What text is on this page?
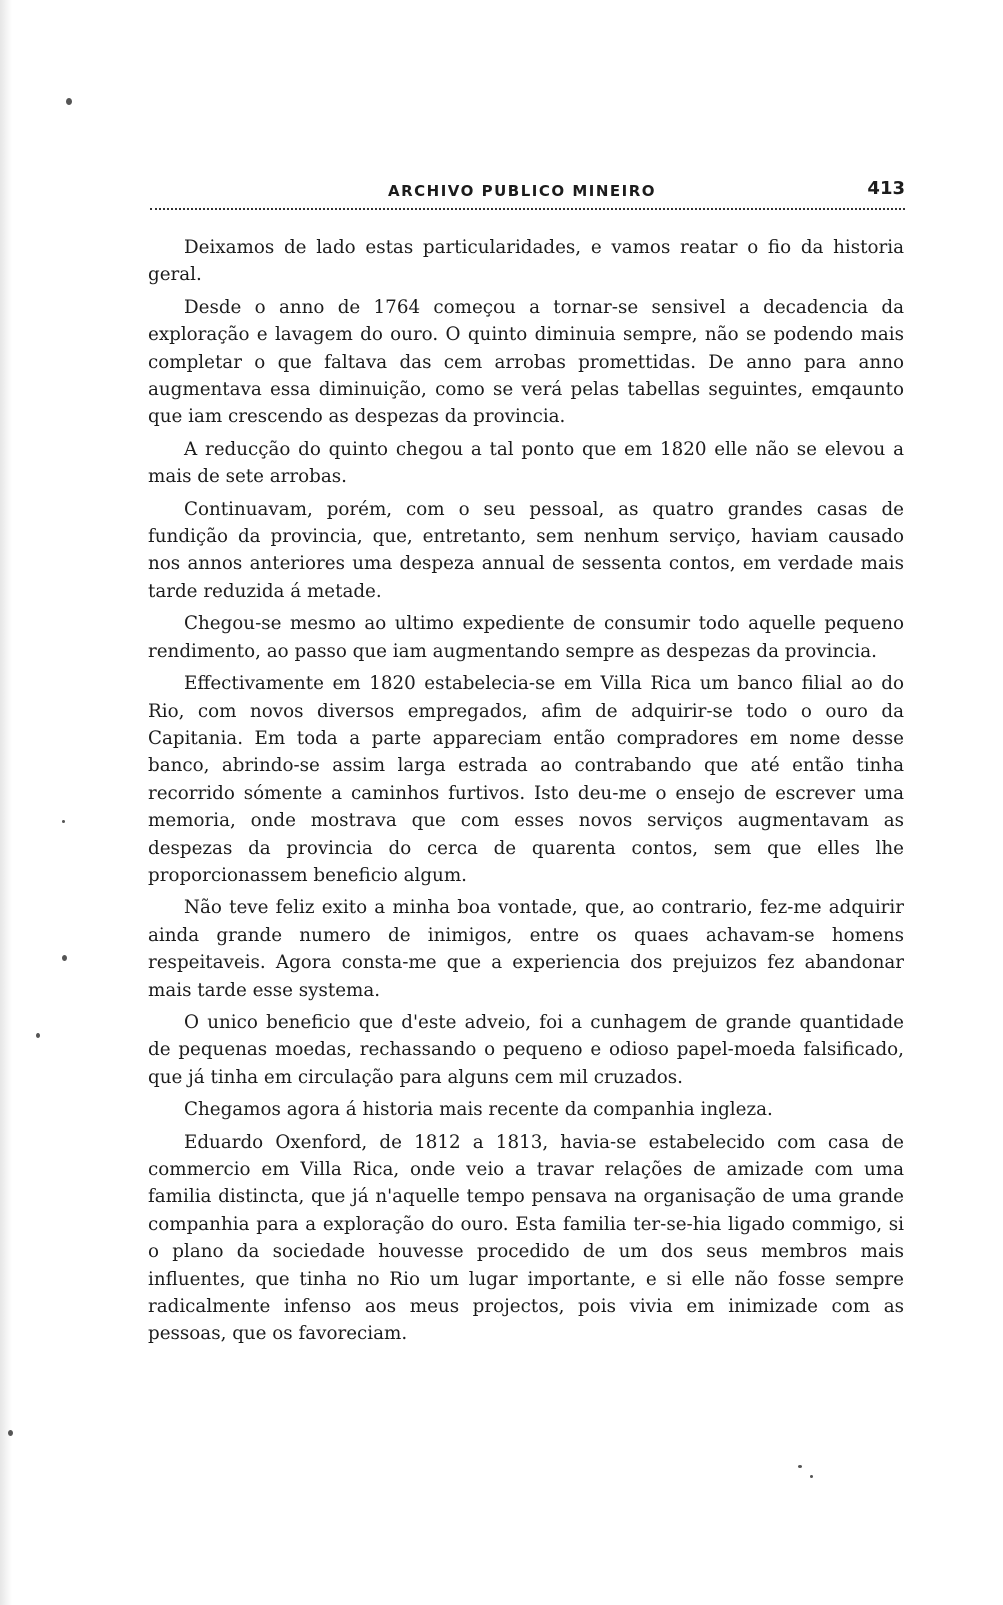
ARCHIVO PUBLICO MINEIRO	413

Deixamos de lado estas particularidades, e vamos reatar o fio da historia geral.

Desde o anno de 1764 começou a tornar-se sensivel a decadencia da exploração e lavagem do ouro. O quinto diminuia sempre, não se podendo mais completar o que faltava das cem arrobas promettidas. De anno para anno augmentava essa diminuição, como se verá pelas tabellas seguintes, emqaunto que iam crescendo as despezas da provincia.

A reducção do quinto chegou a tal ponto que em 1820 elle não se elevou a mais de sete arrobas.

Continuavam, porém, com o seu pessoal, as quatro grandes casas de fundição da provincia, que, entretanto, sem nenhum serviço, haviam causado nos annos anteriores uma despeza annual de sessenta contos, em verdade mais tarde reduzida á metade.

Chegou-se mesmo ao ultimo expediente de consumir todo aquelle pequeno rendimento, ao passo que iam augmentando sempre as despezas da provincia.

Effectivamente em 1820 estabelecia-se em Villa Rica um banco filial ao do Rio, com novos diversos empregados, afim de adquirir-se todo o ouro da Capitania. Em toda a parte appareciam então compradores em nome desse banco, abrindo-se assim larga estrada ao contrabando que até então tinha recorrido sómente a caminhos furtivos. Isto deu-me o ensejo de escrever uma memoria, onde mostrava que com esses novos serviços augmentavam as despezas da provincia do cerca de quarenta contos, sem que elles lhe proporcionassem beneficio algum.

Não teve feliz exito a minha boa vontade, que, ao contrario, fez-me adquirir ainda grande numero de inimigos, entre os quaes achavam-se homens respeitaveis. Agora consta-me que a experiencia dos prejuizos fez abandonar mais tarde esse systema.

O unico beneficio que d'este adveio, foi a cunhagem de grande quantidade de pequenas moedas, rechassando o pequeno e odioso papel-moeda falsificado, que já tinha em circulação para alguns cem mil cruzados.

Chegamos agora á historia mais recente da companhia ingleza.

Eduardo Oxenford, de 1812 a 1813, havia-se estabelecido com casa de commercio em Villa Rica, onde veio a travar relações de amizade com uma familia distincta, que já n'aquelle tempo pensava na organisação de uma grande companhia para a exploração do ouro. Esta familia ter-se-hia ligado commigo, si o plano da sociedade houvesse procedido de um dos seus membros mais influentes, que tinha no Rio um lugar importante, e si elle não fosse sempre radicalmente infenso aos meus projectos, pois vivia em inimizade com as pessoas, que os favoreciam.
